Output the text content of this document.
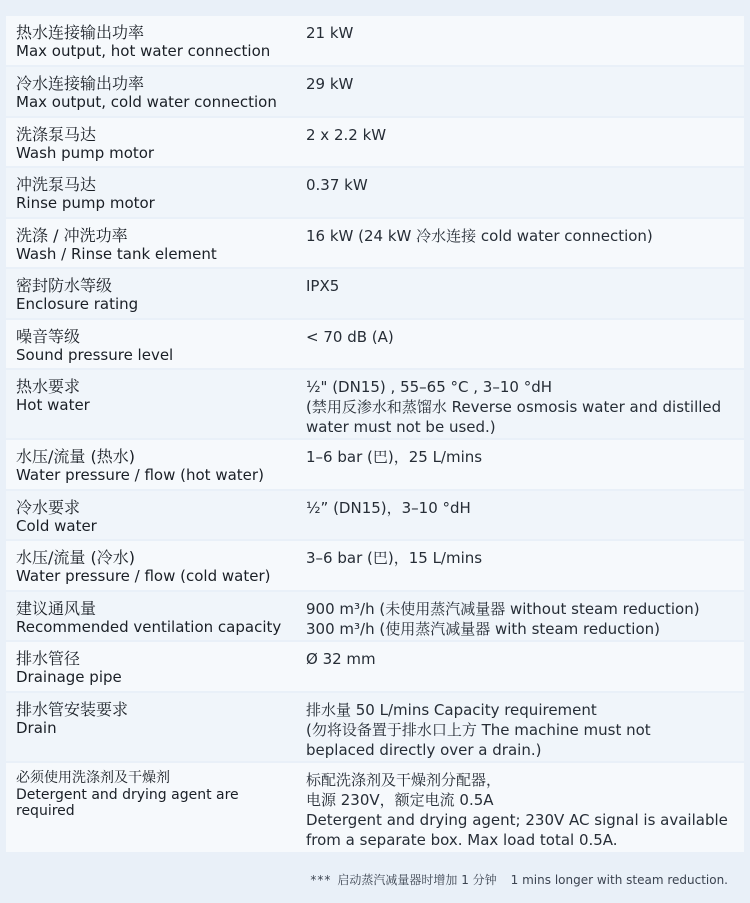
热水连接输出功率
Max output, hot water connection
21 kW
冷水连接输出功率
Max output, cold water connection
29 kW
洗涤泵马达
Wash pump motor
2 x 2.2 kW
冲洗泵马达
Rinse pump motor
0.37 kW
洗涤 / 冲洗功率
Wash / Rinse tank element
16 kW (24 kW 冷水连接 cold water connection)
密封防水等级
Enclosure rating
IPX5
噪音等级
Sound pressure level
< 70 dB (A)
热水要求
Hot water
½" (DN15) , 55–65 °C , 3–10 °dH
(禁用反渗水和蒸馏水 Reverse osmosis water and distilled
water must not be used.)
水压/流量 (热水)
Water pressure / flow (hot water)
1–6 bar (巴)，25 L/mins
冷水要求
Cold water
½” (DN15)，3–10 °dH
水压/流量 (冷水)
Water pressure / flow (cold water)
3–6 bar (巴)，15 L/mins
建议通风量
Recommended ventilation capacity
900 m³/h (未使用蒸汽减量器 without steam reduction)
300 m³/h (使用蒸汽减量器 with steam reduction)
排水管径
Drainage pipe
Ø 32 mm
排水管安装要求
Drain
排水量 50 L/mins Capacity requirement
(勿将设备置于排水口上方 The machine must not
beplaced directly over a drain.)
必须使用洗涤剂及干燥剂
Detergent and drying agent are required
标配洗涤剂及干燥剂分配器，
电源 230V，额定电流 0.5A
Detergent and drying agent; 230V AC signal is available
from a separate box. Max load total 0.5A.
*** 启动蒸汽减量器时增加 1 分钟 1 mins longer with steam reduction.
